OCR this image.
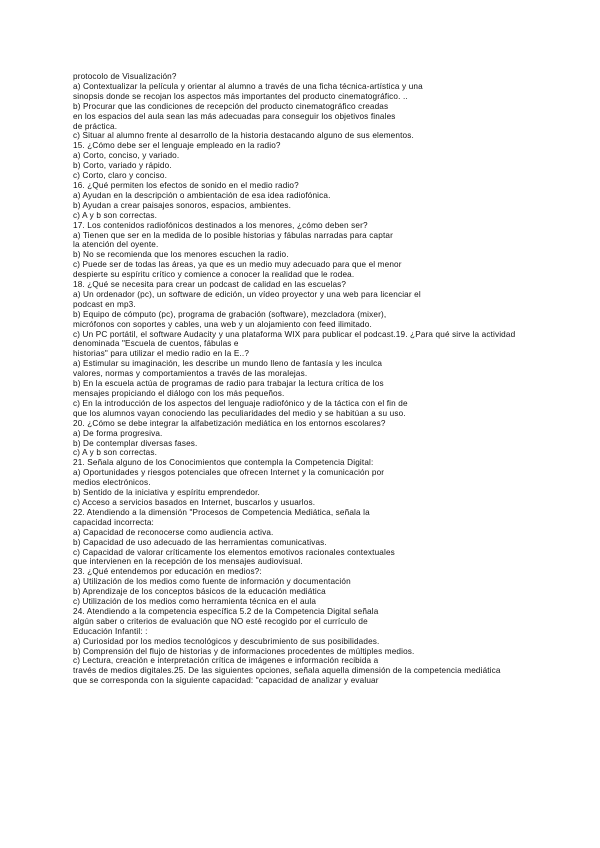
protocolo de Visualización?
a) Contextualizar la película y orientar al alumno a través de una ficha técnica-artística y una
sinopsis donde se recojan los aspectos más importantes del producto cinematográfico. ..
b) Procurar que las condiciones de recepción del producto cinematográfico creadas
en los espacios del aula sean las más adecuadas para conseguir los objetivos finales
de práctica.
c) Situar al alumno frente al desarrollo de la historia destacando alguno de sus elementos.
15. ¿Cómo debe ser el lenguaje empleado en la radio?
a) Corto, conciso, y variado.
b) Corto, variado y rápido.
c) Corto, claro y conciso.
16. ¿Qué permiten los efectos de sonido en el medio radio?
a) Ayudan en la descripción o ambientación de esa idea radiofónica.
b) Ayudan a crear paisajes sonoros, espacios, ambientes.
c) A y b son correctas.
17. Los contenidos radiofónicos destinados a los menores, ¿cómo deben ser?
a) Tienen que ser en la medida de lo posible historias y fábulas narradas para captar
la atención del oyente.
b) No se recomienda que los menores escuchen la radio.
c) Puede ser de todas las áreas, ya que es un medio muy adecuado para que el menor
despierte su espíritu crítico y comience a conocer la realidad que le rodea.
18. ¿Qué se necesita para crear un podcast de calidad en las escuelas?
a) Un ordenador (pc), un software de edición, un vídeo proyector y una web para licenciar el
podcast en mp3.
b) Equipo de cómputo (pc), programa de grabación (software), mezcladora (mixer),
micrófonos con soportes y cables, una web y un alojamiento con feed ilimitado.
c) Un PC portátil, el software Audacity y una plataforma WIX para publicar el podcast.19. ¿Para qué sirve la actividad
denominada "Escuela de cuentos, fábulas e
historias" para utilizar el medio radio en la E..?
a) Estimular su imaginación, les describe un mundo lleno de fantasía y les inculca
valores, normas y comportamientos a través de las moralejas.
b) En la escuela actúa de programas de radio para trabajar la lectura crítica de los
mensajes propiciando el diálogo con los más pequeños.
c) En la introducción de los aspectos del lenguaje radiofónico y de la táctica con el fin de
que los alumnos vayan conociendo las peculiaridades del medio y se habitúan a su uso.
20. ¿Cómo se debe integrar la alfabetización mediática en los entornos escolares?
a) De forma progresiva.
b) De contemplar diversas fases.
c) A y b son correctas.
21. Señala alguno de los Conocimientos que contempla la Competencia Digital:
a) Oportunidades y riesgos potenciales que ofrecen Internet y la comunicación por
medios electrónicos.
b) Sentido de la iniciativa y espíritu emprendedor.
c) Acceso a servicios basados en Internet, buscarlos y usuarlos.
22. Atendiendo a la dimensión "Procesos de Competencia Mediática, señala la
capacidad incorrecta:
a) Capacidad de reconocerse como audiencia activa.
b) Capacidad de uso adecuado de las herramientas comunicativas.
c) Capacidad de valorar críticamente los elementos emotivos racionales contextuales
que intervienen en la recepción de los mensajes audiovisual.
23. ¿Qué entendemos por educación en medios?:
a) Utilización de los medios como fuente de información y documentación
b) Aprendizaje de los conceptos básicos de la educación mediática
c) Utilización de los medios como herramienta técnica en el aula
24. Atendiendo a la competencia específica 5.2 de la Competencia Digital señala
algún saber o criterios de evaluación que NO esté recogido por el currículo de
Educación Infantil: :
a) Curiosidad por los medios tecnológicos y descubrimiento de sus posibilidades.
b) Comprensión del flujo de historias y de informaciones procedentes de múltiples medios.
c) Lectura, creación e interpretación crítica de imágenes e información recibida a
través de medios digitales.25. De las siguientes opciones, señala aquella dimensión de la competencia mediática
que se corresponda con la siguiente capacidad: "capacidad de analizar y evaluar
